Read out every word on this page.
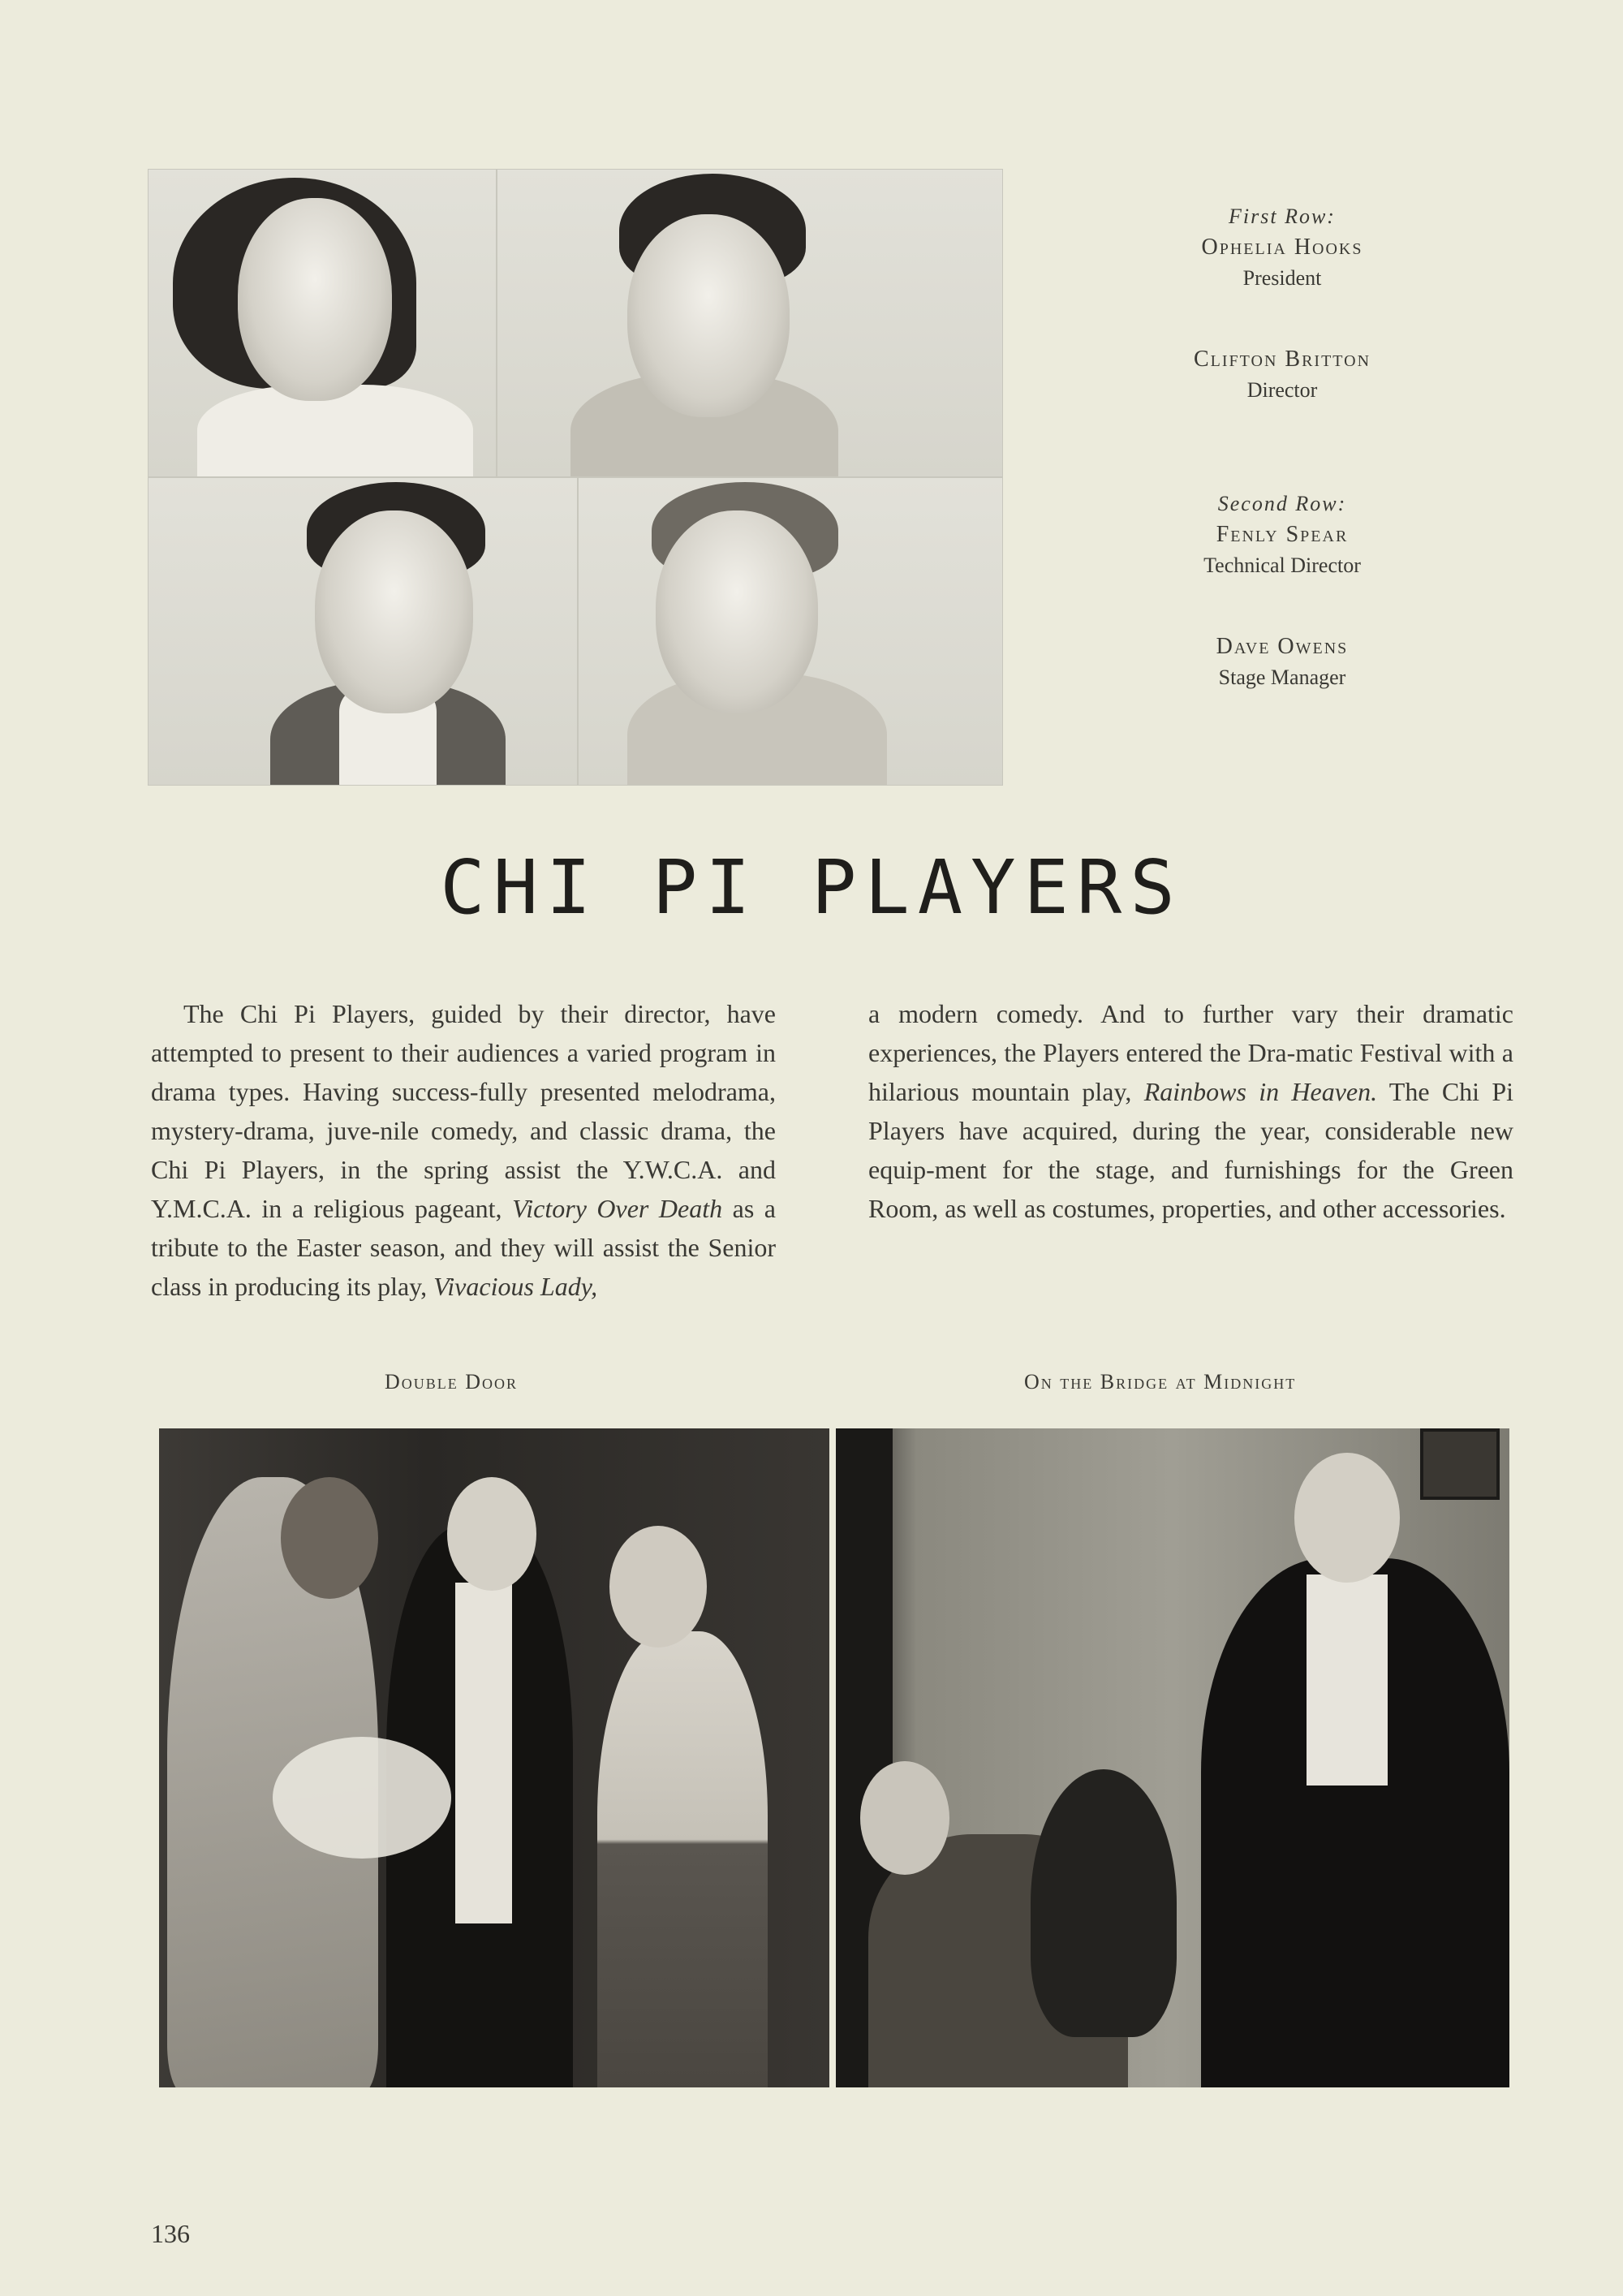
First Row:
Ophelia Hooks
President
Clifton Britton
Director
Second Row:
Fenly Spear
Technical Director
Dave Owens
Stage Manager
CHI PI PLAYERS
The Chi Pi Players, guided by their director, have attempted to present to their audiences a varied program in drama types. Having success-fully presented melodrama, mystery-drama, juve-nile comedy, and classic drama, the Chi Pi Players, in the spring assist the Y.W.C.A. and Y.M.C.A. in a religious pageant, Victory Over Death as a tribute to the Easter season, and they will assist the Senior class in producing its play, Vivacious Lady,
a modern comedy. And to further vary their dramatic experiences, the Players entered the Dra-matic Festival with a hilarious mountain play, Rainbows in Heaven. The Chi Pi Players have acquired, during the year, considerable new equip-ment for the stage, and furnishings for the Green Room, as well as costumes, properties, and other accessories.
Double Door	On the Bridge at Midnight
136
